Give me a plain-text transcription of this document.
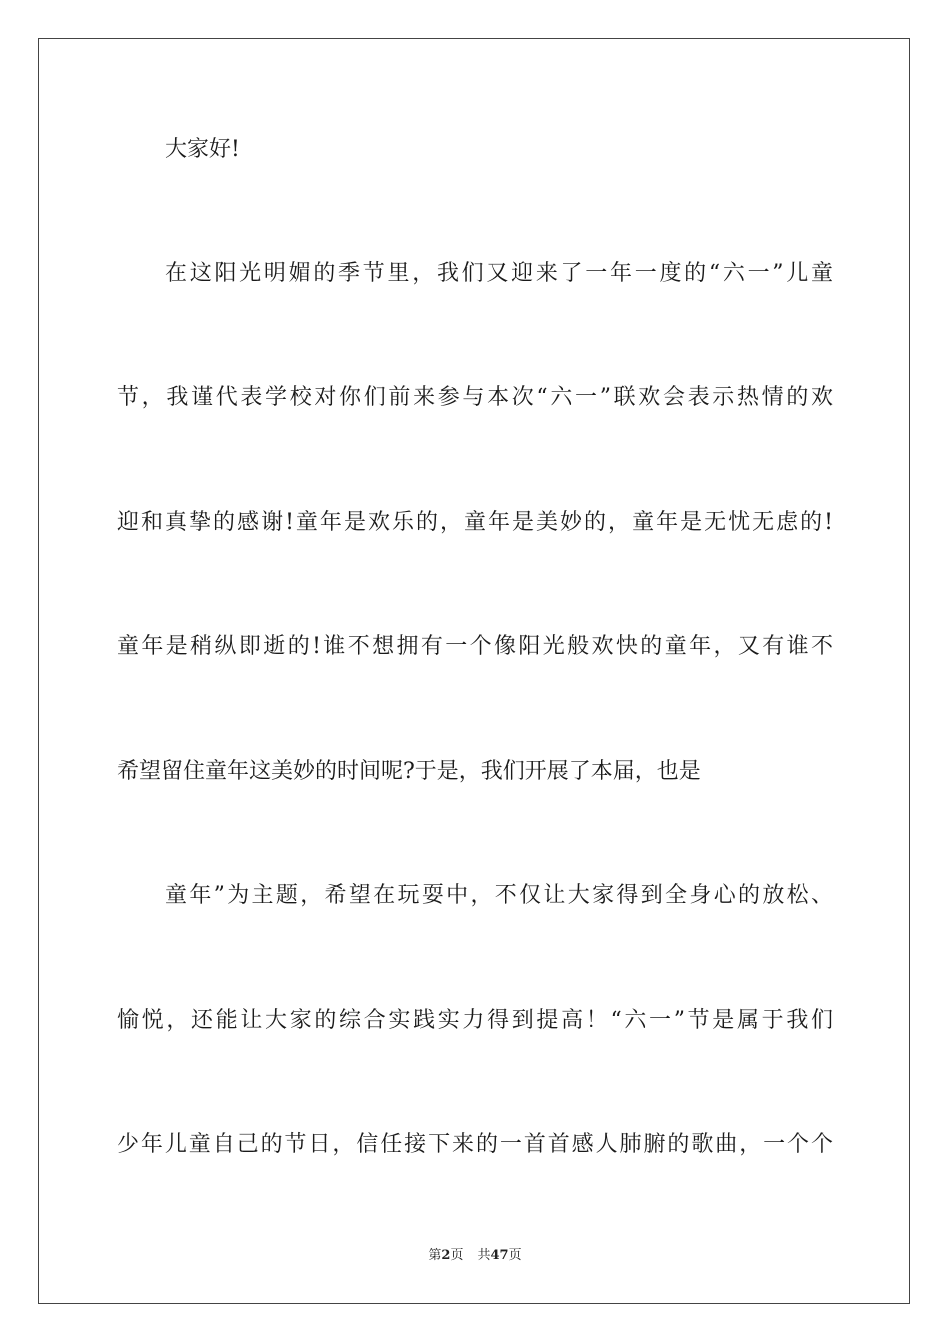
大家好!
在这阳光明媚的季节里，我们又迎来了一年一度的“六一”儿童
节，我谨代表学校对你们前来参与本次“六一”联欢会表示热情的欢
迎和真挚的感谢!童年是欢乐的，童年是美妙的，童年是无忧无虑的!
童年是稍纵即逝的!谁不想拥有一个像阳光般欢快的童年，又有谁不
希望留住童年这美妙的时间呢?于是，我们开展了本届，也是
童年”为主题，希望在玩耍中，不仅让大家得到全身心的放松、
愉悦，还能让大家的综合实践实力得到提高！“六一”节是属于我们
少年儿童自己的节日，信任接下来的一首首感人肺腑的歌曲，一个个
第2页 共47页
